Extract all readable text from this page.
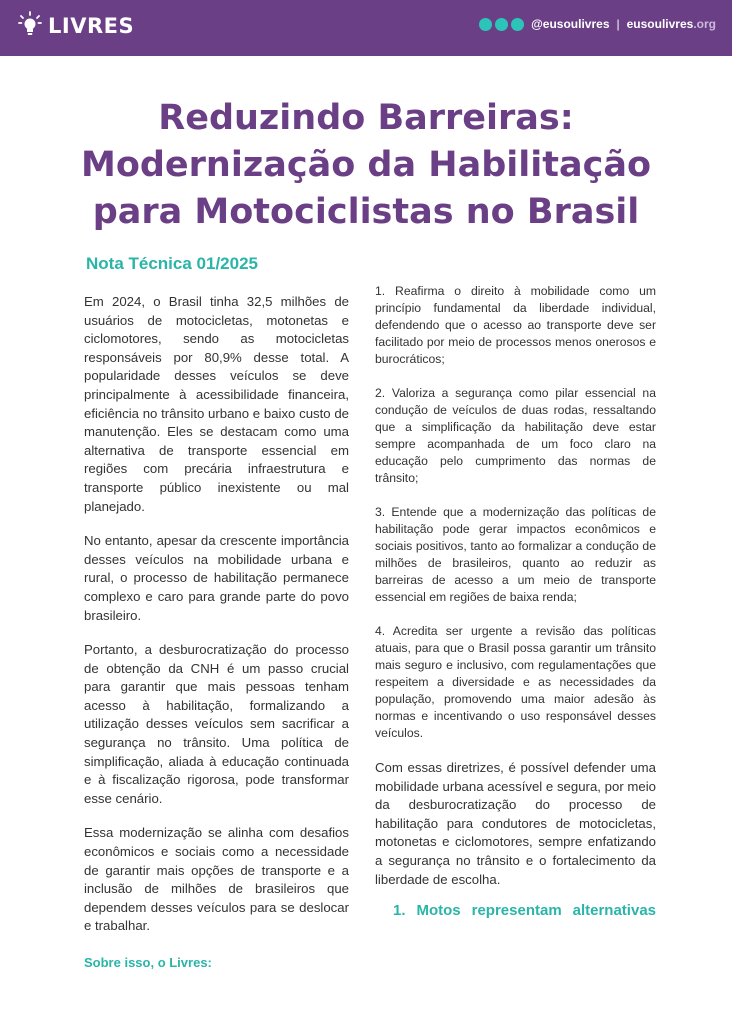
LIVRES	@eusoulivres | eusoulivres.org
Reduzindo Barreiras:
Modernização da Habilitação
para Motociclistas no Brasil
Nota Técnica 01/2025

Em 2024, o Brasil tinha 32,5 milhões de usuários de motocicletas, motonetas e ciclomotores, sendo as motocicletas responsáveis por 80,9% desse total. A popularidade desses veículos se deve principalmente à acessibilidade financeira, eficiência no trânsito urbano e baixo custo de manutenção. Eles se destacam como uma alternativa de transporte essencial em regiões com precária infraestrutura e transporte público inexistente ou mal planejado.

No entanto, apesar da crescente importância desses veículos na mobilidade urbana e rural, o processo de habilitação permanece complexo e caro para grande parte do povo brasileiro.

Portanto, a desburocratização do processo de obtenção da CNH é um passo crucial para garantir que mais pessoas tenham acesso à habilitação, formalizando a utilização desses veículos sem sacrificar a segurança no trânsito. Uma política de simplificação, aliada à educação continuada e à fiscalização rigorosa, pode transformar esse cenário.

Essa modernização se alinha com desafios econômicos e sociais como a necessidade de garantir mais opções de transporte e a inclusão de milhões de brasileiros que dependem desses veículos para se deslocar e trabalhar.

Sobre isso, o Livres:

1. Reafirma o direito à mobilidade como um princípio fundamental da liberdade individual, defendendo que o acesso ao transporte deve ser facilitado por meio de processos menos onerosos e burocráticos;

2. Valoriza a segurança como pilar essencial na condução de veículos de duas rodas, ressaltando que a simplificação da habilitação deve estar sempre acompanhada de um foco claro na educação pelo cumprimento das normas de trânsito;

3. Entende que a modernização das políticas de habilitação pode gerar impactos econômicos e sociais positivos, tanto ao formalizar a condução de milhões de brasileiros, quanto ao reduzir as barreiras de acesso a um meio de transporte essencial em regiões de baixa renda;

4. Acredita ser urgente a revisão das políticas atuais, para que o Brasil possa garantir um trânsito mais seguro e inclusivo, com regulamentações que respeitem a diversidade e as necessidades da população, promovendo uma maior adesão às normas e incentivando o uso responsável desses veículos.

Com essas diretrizes, é possível defender uma mobilidade urbana acessível e segura, por meio da desburocratização do processo de habilitação para condutores de motocicletas, motonetas e ciclomotores, sempre enfatizando a segurança no trânsito e o fortalecimento da liberdade de escolha.

1. Motos representam alternativas
